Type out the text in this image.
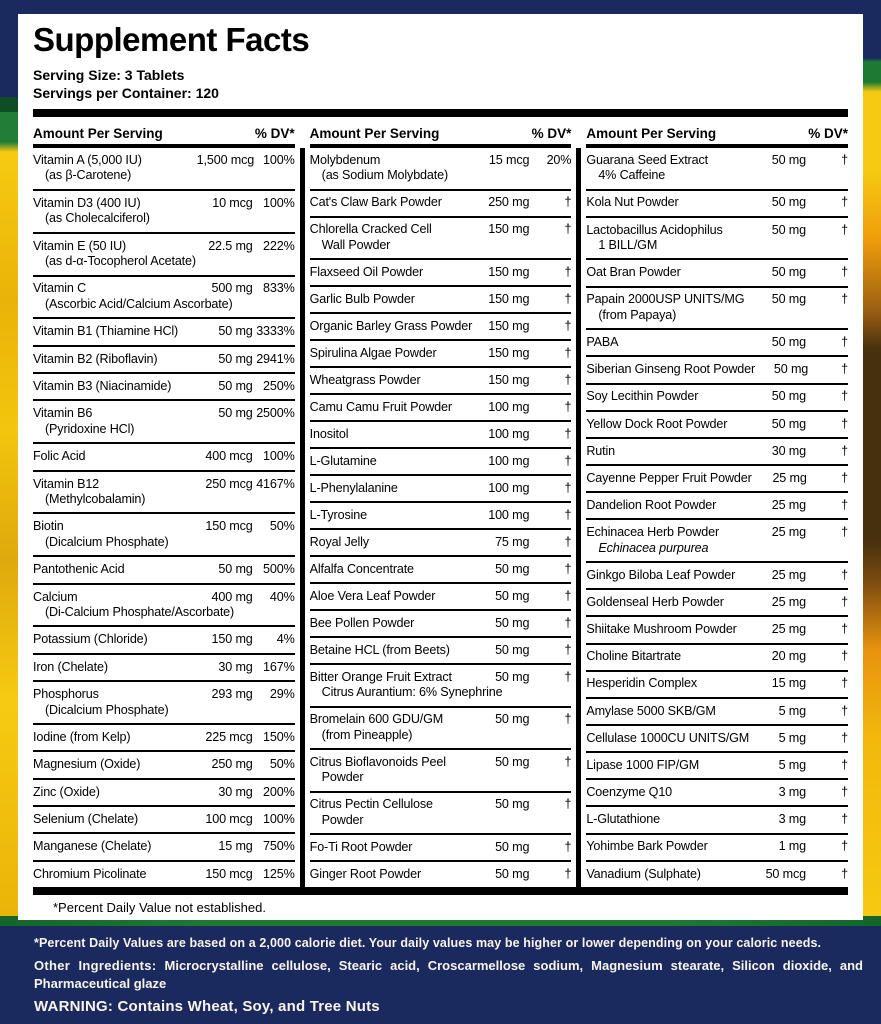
Supplement Facts
Serving Size: 3 Tablets
Servings per Container: 120
Amount Per Serving	% DV*
Vitamin A (5,000 IU)	1,500 mcg 100%
(as β-Carotene)
Vitamin D3 (400 IU)	10 mcg 100%
(as Cholecalciferol)
Vitamin E (50 IU)	22.5 mg 222%
(as d-α-Tocopherol Acetate)
Vitamin C	500 mg 833%
(Ascorbic Acid/Calcium Ascorbate)
Vitamin B1 (Thiamine HCl)	50 mg 3333%
Vitamin B2 (Riboflavin)	50 mg 2941%
Vitamin B3 (Niacinamide)	50 mg 250%
Vitamin B6	50 mg 2500%
(Pyridoxine HCl)
Folic Acid	400 mcg 100%
Vitamin B12	250 mcg 4167%
(Methylcobalamin)
Biotin	150 mcg	50%
(Dicalcium Phosphate)
Pantothenic Acid	50 mg 500%
Calcium	400 mg	40%
(Di-Calcium Phosphate/Ascorbate)
Potassium (Chloride)	150 mg	4%
Iron (Chelate)	30 mg 167%
Phosphorus	293 mg	29%
(Dicalcium Phosphate)
Iodine (from Kelp)	225 mcg 150%
Magnesium (Oxide)	250 mg	50%
Zinc (Oxide)	30 mg 200%
Selenium (Chelate)	100 mcg 100%
Manganese (Chelate)	15 mg 750%
Chromium Picolinate	150 mcg 125%
Amount Per Serving	% DV*
Molybdenum	15 mcg	20%
(as Sodium Molybdate)
Cat's Claw Bark Powder	250 mg	†
Chlorella Cracked Cell	150 mg	†
Wall Powder
Flaxseed Oil Powder	150 mg	†
Garlic Bulb Powder	150 mg	†
Organic Barley Grass Powder	150 mg	†
Spirulina Algae Powder	150 mg	†
Wheatgrass Powder	150 mg	†
Camu Camu Fruit Powder	100 mg	†
Inositol	100 mg	†
L-Glutamine	100 mg	†
L-Phenylalanine	100 mg	†
L-Tyrosine	100 mg	†
Royal Jelly	75 mg	†
Alfalfa Concentrate	50 mg	†
Aloe Vera Leaf Powder	50 mg	†
Bee Pollen Powder	50 mg	†
Betaine HCL (from Beets)	50 mg	†
Bitter Orange Fruit Extract	50 mg	†
Citrus Aurantium: 6% Synephrine
Bromelain 600 GDU/GM	50 mg	†
(from Pineapple)
Citrus Bioflavonoids Peel	50 mg	†
Powder
Citrus Pectin Cellulose	50 mg	†
Powder
Fo-Ti Root Powder	50 mg	†
Ginger Root Powder	50 mg	†
Amount Per Serving	% DV*
Guarana Seed Extract	50 mg	†
4% Caffeine
Kola Nut Powder	50 mg	†
Lactobacillus Acidophilus	50 mg	†
1 BILL/GM
Oat Bran Powder	50 mg	†
Papain 2000USP UNITS/MG	50 mg	†
(from Papaya)
PABA	50 mg	†
Siberian Ginseng Root Powder	50 mg	†
Soy Lecithin Powder	50 mg	†
Yellow Dock Root Powder	50 mg	†
Rutin	30 mg	†
Cayenne Pepper Fruit Powder	25 mg	†
Dandelion Root Powder	25 mg	†
Echinacea Herb Powder	25 mg	†
Echinacea purpurea
Ginkgo Biloba Leaf Powder	25 mg	†
Goldenseal Herb Powder	25 mg	†
Shiitake Mushroom Powder	25 mg	†
Choline Bitartrate	20 mg	†
Hesperidin Complex	15 mg	†
Amylase 5000 SKB/GM	5 mg	†
Cellulase 1000CU UNITS/GM	5 mg	†
Lipase 1000 FIP/GM	5 mg	†
Coenzyme Q10	3 mg	†
L-Glutathione	3 mg	†
Yohimbe Bark Powder	1 mg	†
Vanadium (Sulphate)	50 mcg	†
*Percent Daily Value not established.

*Percent Daily Values are based on a 2,000 calorie diet. Your daily values may be higher or lower depending on your caloric needs.

Other Ingredients: Microcrystalline cellulose, Stearic acid, Croscarmellose sodium, Magnesium stearate, Silicon dioxide, and Pharmaceutical glaze

WARNING: Contains Wheat, Soy, and Tree Nuts
